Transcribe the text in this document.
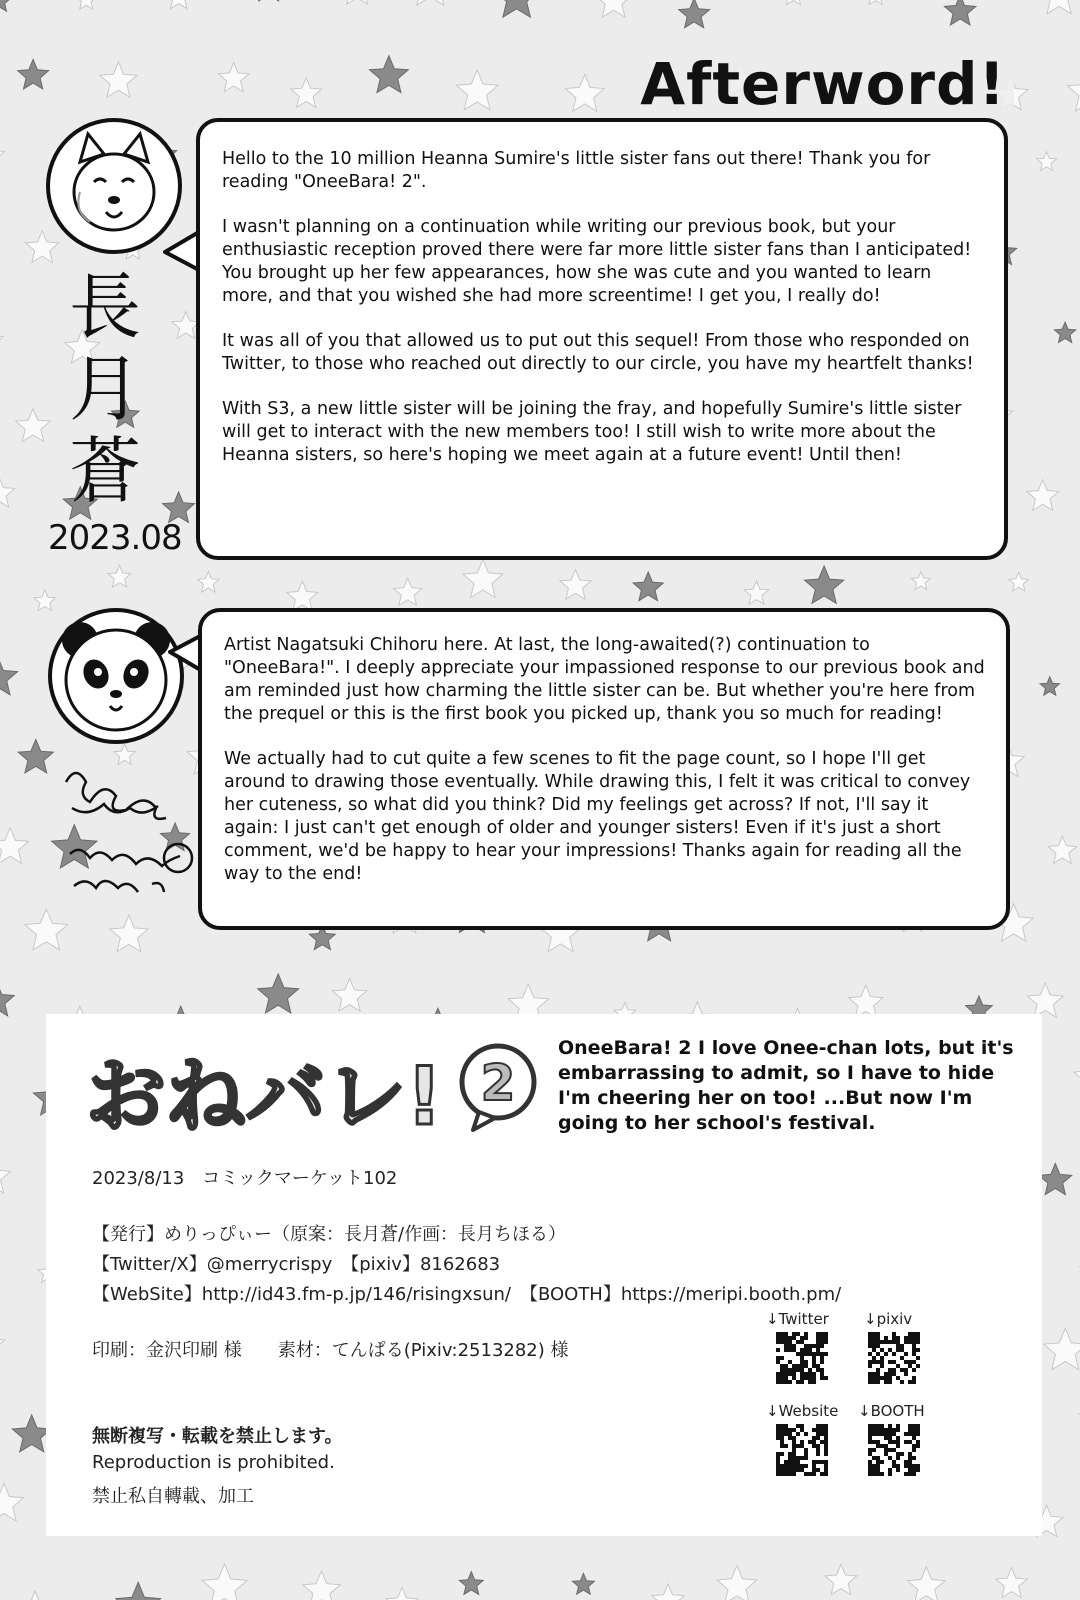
Afterword!
長月蒼
2023.08

Hello to the 10 million Heanna Sumire's little sister fans out there! Thank you for reading "OneeBara! 2".

I wasn't planning on a continuation while writing our previous book, but your enthusiastic reception proved there were far more little sister fans than I anticipated! You brought up her few appearances, how she was cute and you wanted to learn more, and that you wished she had more screentime! I get you, I really do!

It was all of you that allowed us to put out this sequel! From those who responded on Twitter, to those who reached out directly to our circle, you have my heartfelt thanks!

With S3, a new little sister will be joining the fray, and hopefully Sumire's little sister will get to interact with the new members too! I still wish to write more about the Heanna sisters, so here's hoping we meet again at a future event! Until then!

Artist Nagatsuki Chihoru here. At last, the long-awaited(?) continuation to "OneeBara!". I deeply appreciate your impassioned response to our previous book and am reminded just how charming the little sister can be. But whether you're here from the prequel or this is the first book you picked up, thank you so much for reading!

We actually had to cut quite a few scenes to fit the page count, so I hope I'll get around to drawing those eventually. While drawing this, I felt it was critical to convey her cuteness, so what did you think? Did my feelings get across? If not, I'll say it again: I just can't get enough of older and younger sisters! Even if it's just a short comment, we'd be happy to hear your impressions! Thanks again for reading all the way to the end!

おねバレ! 2
OneeBara! 2 I love Onee-chan lots, but it's embarrassing to admit, so I have to hide I'm cheering her on too! ...But now I'm going to her school's festival.
2023/8/13　コミックマーケット102
【発行】めりっぴぃー（原案：長月蒼/作画：長月ちほる）
【Twitter/X】@merrycrispy　【pixiv】8162683
【WebSite】http://id43.fm-p.jp/146/risingxsun/　【BOOTH】https://meripi.booth.pm/
印刷：金沢印刷 様　　素材：てんぱる(Pixiv:2513282) 様
無断複写・転載を禁止します。
Reproduction is prohibited.
禁止私自轉載、加工
↓Twitter ↓pixiv
↓Website ↓BOOTH
